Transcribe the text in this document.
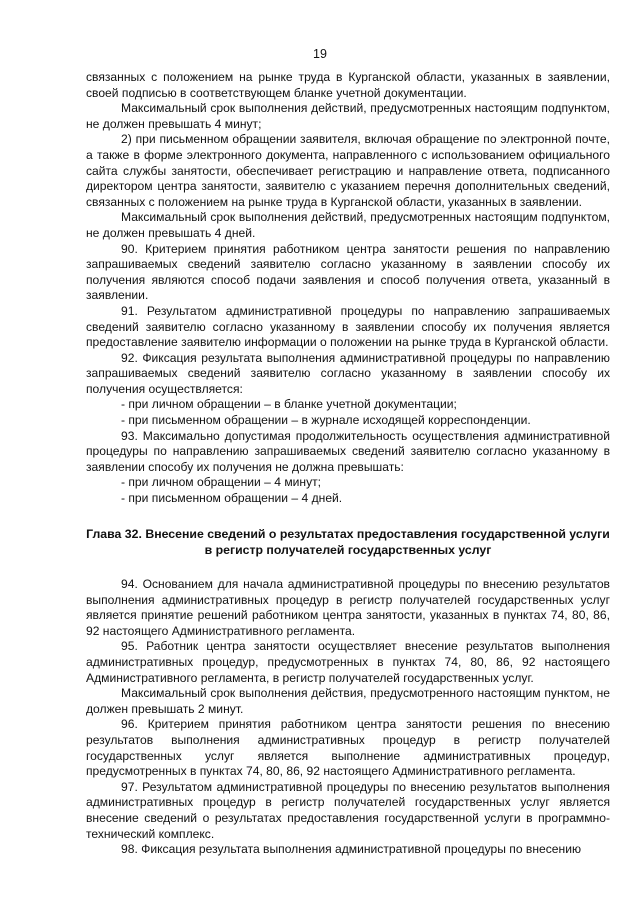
19

связанных с положением на рынке труда в Курганской области, указанных в заявлении, своей подписью в соответствующем бланке учетной документации.

Максимальный срок выполнения действий, предусмотренных настоящим подпунктом, не должен превышать 4 минут;

2) при письменном обращении заявителя, включая обращение по электронной почте, а также в форме электронного документа, направленного с использованием официального сайта службы занятости, обеспечивает регистрацию и направление ответа, подписанного директором центра занятости, заявителю с указанием перечня дополнительных сведений, связанных с положением на рынке труда в Курганской области, указанных в заявлении.

Максимальный срок выполнения действий, предусмотренных настоящим подпунктом, не должен превышать 4 дней.

90. Критерием принятия работником центра занятости решения по направлению запрашиваемых сведений заявителю согласно указанному в заявлении способу их получения являются способ подачи заявления и способ получения ответа, указанный в заявлении.

91. Результатом административной процедуры по направлению запрашиваемых сведений заявителю согласно указанному в заявлении способу их получения является предоставление заявителю информации о положении на рынке труда в Курганской области.

92. Фиксация результата выполнения административной процедуры по направлению запрашиваемых сведений заявителю согласно указанному в заявлении способу их получения осуществляется:

- при личном обращении – в бланке учетной документации;

- при письменном обращении – в журнале исходящей корреспонденции.

93. Максимально допустимая продолжительность осуществления административной процедуры по направлению запрашиваемых сведений заявителю согласно указанному в заявлении способу их получения не должна превышать:

- при личном обращении – 4 минут;

- при письменном обращении – 4 дней.

Глава 32. Внесение сведений о результатах предоставления государственной услуги в регистр получателей государственных услуг

94. Основанием для начала административной процедуры по внесению результатов выполнения административных процедур в регистр получателей государственных услуг является принятие решений работником центра занятости, указанных в пунктах 74, 80, 86, 92 настоящего Административного регламента.

95. Работник центра занятости осуществляет внесение результатов выполнения административных процедур, предусмотренных в пунктах 74, 80, 86, 92 настоящего Административного регламента, в регистр получателей государственных услуг.

Максимальный срок выполнения действия, предусмотренного настоящим пунктом, не должен превышать 2 минут.

96. Критерием принятия работником центра занятости решения по внесению результатов выполнения административных процедур в регистр получателей государственных услуг является выполнение административных процедур, предусмотренных в пунктах 74, 80, 86, 92 настоящего Административного регламента.

97. Результатом административной процедуры по внесению результатов выполнения административных процедур в регистр получателей государственных услуг является внесение сведений о результатах предоставления государственной услуги в программно-технический комплекс.

98. Фиксация результата выполнения административной процедуры по внесению
